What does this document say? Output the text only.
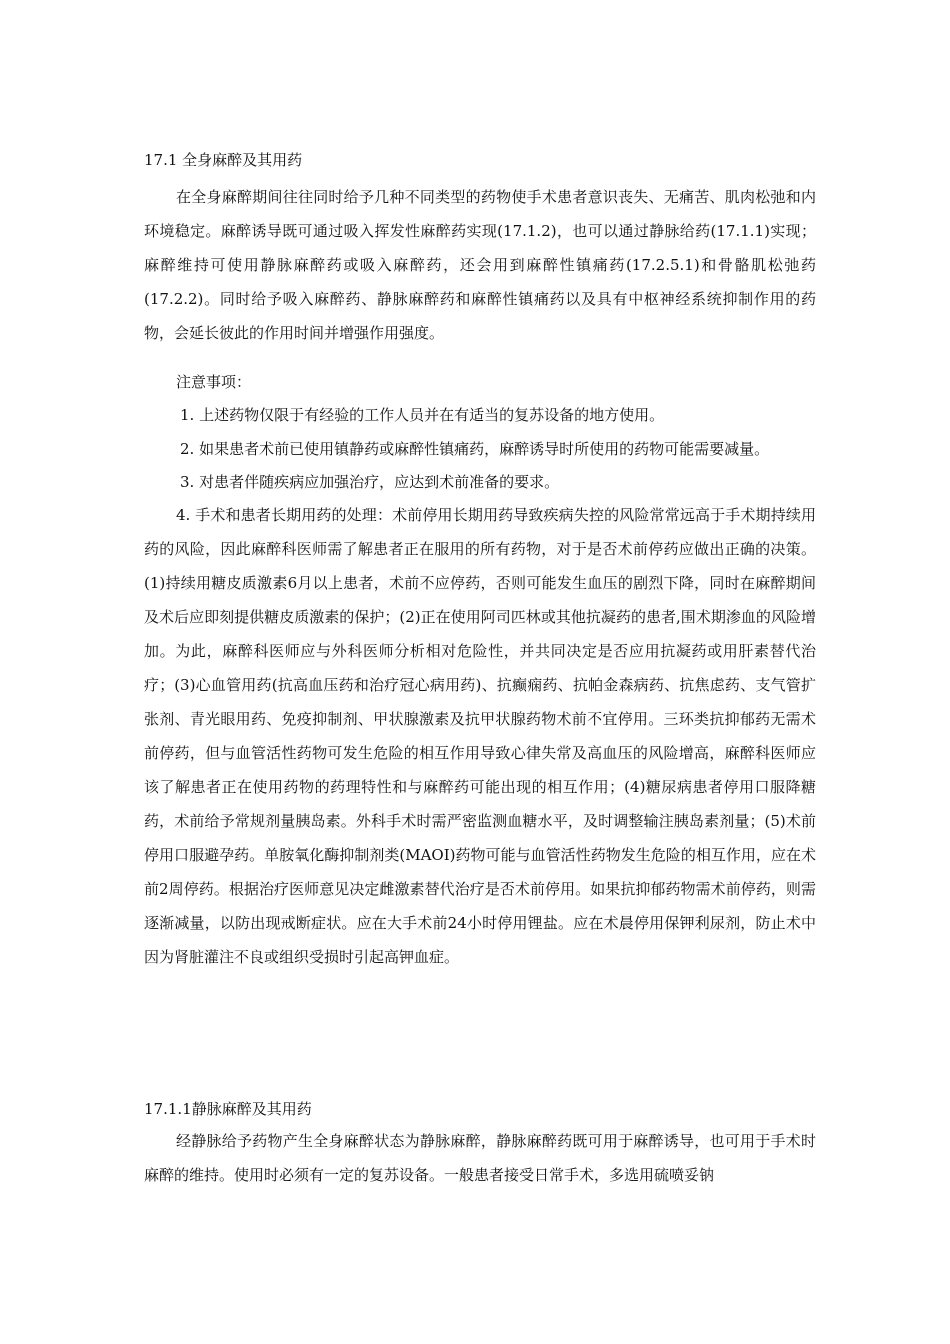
17.1 全身麻醉及其用药

在全身麻醉期间往往同时给予几种不同类型的药物使手术患者意识丧失、无痛苦、肌肉松弛和内环境稳定。麻醉诱导既可通过吸入挥发性麻醉药实现(17.1.2)，也可以通过静脉给药(17.1.1)实现；麻醉维持可使用静脉麻醉药或吸入麻醉药，还会用到麻醉性镇痛药(17.2.5.1)和骨骼肌松弛药(17.2.2)。同时给予吸入麻醉药、静脉麻醉药和麻醉性镇痛药以及具有中枢神经系统抑制作用的药物，会延长彼此的作用时间并增强作用强度。

注意事项：
1. 上述药物仅限于有经验的工作人员并在有适当的复苏设备的地方使用。
2. 如果患者术前已使用镇静药或麻醉性镇痛药，麻醉诱导时所使用的药物可能需要减量。
3. 对患者伴随疾病应加强治疗，应达到术前准备的要求。

4. 手术和患者长期用药的处理：术前停用长期用药导致疾病失控的风险常常远高于手术期持续用药的风险，因此麻醉科医师需了解患者正在服用的所有药物，对于是否术前停药应做出正确的决策。(1)持续用糖皮质激素6月以上患者，术前不应停药，否则可能发生血压的剧烈下降，同时在麻醉期间及术后应即刻提供糖皮质激素的保护；(2)正在使用阿司匹林或其他抗凝药的患者,围术期渗血的风险增加。为此，麻醉科医师应与外科医师分析相对危险性，并共同决定是否应用抗凝药或用肝素替代治疗；(3)心血管用药(抗高血压药和治疗冠心病用药)、抗癫痫药、抗帕金森病药、抗焦虑药、支气管扩张剂、青光眼用药、免疫抑制剂、甲状腺激素及抗甲状腺药物术前不宜停用。三环类抗抑郁药无需术前停药，但与血管活性药物可发生危险的相互作用导致心律失常及高血压的风险增高，麻醉科医师应该了解患者正在使用药物的药理特性和与麻醉药可能出现的相互作用；(4)糖尿病患者停用口服降糖药，术前给予常规剂量胰岛素。外科手术时需严密监测血糖水平，及时调整输注胰岛素剂量；(5)术前停用口服避孕药。单胺氧化酶抑制剂类(MAOI)药物可能与血管活性药物发生危险的相互作用，应在术前2周停药。根据治疗医师意见决定雌激素替代治疗是否术前停用。如果抗抑郁药物需术前停药，则需逐渐减量，以防出现戒断症状。应在大手术前24小时停用锂盐。应在术晨停用保钾利尿剂，防止术中因为肾脏灌注不良或组织受损时引起高钾血症。

17.1.1静脉麻醉及其用药

经静脉给予药物产生全身麻醉状态为静脉麻醉，静脉麻醉药既可用于麻醉诱导，也可用于手术时麻醉的维持。使用时必须有一定的复苏设备。一般患者接受日常手术，多选用硫喷妥钠
